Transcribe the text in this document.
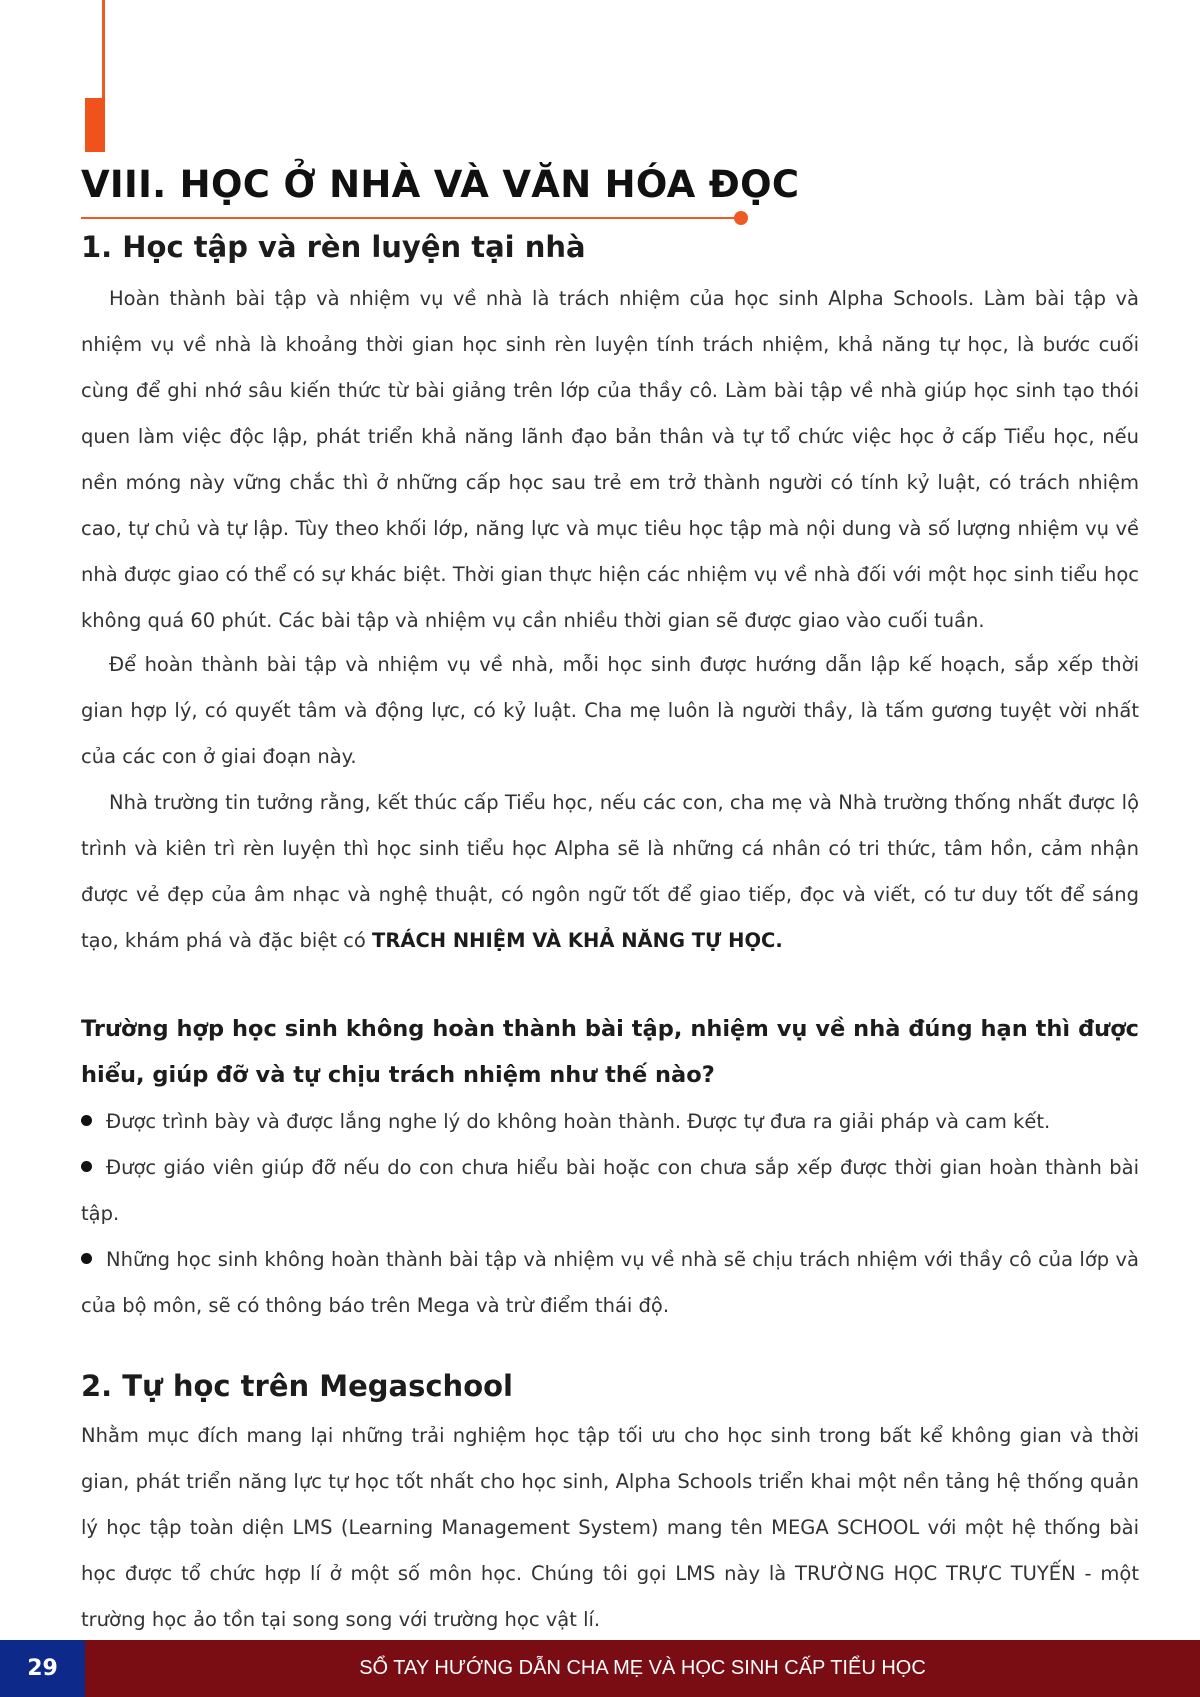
VIII. HỌC Ở NHÀ VÀ VĂN HÓA ĐỌC
1. Học tập và rèn luyện tại nhà

Hoàn thành bài tập và nhiệm vụ về nhà là trách nhiệm của học sinh Alpha Schools. Làm bài tập và nhiệm vụ về nhà là khoảng thời gian học sinh rèn luyện tính trách nhiệm, khả năng tự học, là bước cuối cùng để ghi nhớ sâu kiến thức từ bài giảng trên lớp của thầy cô. Làm bài tập về nhà giúp học sinh tạo thói quen làm việc độc lập, phát triển khả năng lãnh đạo bản thân và tự tổ chức việc học ở cấp Tiểu học, nếu nền móng này vững chắc thì ở những cấp học sau trẻ em trở thành người có tính kỷ luật, có trách nhiệm cao, tự chủ và tự lập. Tùy theo khối lớp, năng lực và mục tiêu học tập mà nội dung và số lượng nhiệm vụ về nhà được giao có thể có sự khác biệt. Thời gian thực hiện các nhiệm vụ về nhà đối với một học sinh tiểu học không quá 60 phút. Các bài tập và nhiệm vụ cần nhiều thời gian sẽ được giao vào cuối tuần.

Để hoàn thành bài tập và nhiệm vụ về nhà, mỗi học sinh được hướng dẫn lập kế hoạch, sắp xếp thời gian hợp lý, có quyết tâm và động lực, có kỷ luật. Cha mẹ luôn là người thầy, là tấm gương tuyệt vời nhất của các con ở giai đoạn này.

Nhà trường tin tưởng rằng, kết thúc cấp Tiểu học, nếu các con, cha mẹ và Nhà trường thống nhất được lộ trình và kiên trì rèn luyện thì học sinh tiểu học Alpha sẽ là những cá nhân có tri thức, tâm hồn, cảm nhận được vẻ đẹp của âm nhạc và nghệ thuật, có ngôn ngữ tốt để giao tiếp, đọc và viết, có tư duy tốt để sáng tạo, khám phá và đặc biệt có TRÁCH NHIỆM VÀ KHẢ NĂNG TỰ HỌC.

Trường hợp học sinh không hoàn thành bài tập, nhiệm vụ về nhà đúng hạn thì được hiểu, giúp đỡ và tự chịu trách nhiệm như thế nào?

Được trình bày và được lắng nghe lý do không hoàn thành. Được tự đưa ra giải pháp và cam kết.

Được giáo viên giúp đỡ nếu do con chưa hiểu bài hoặc con chưa sắp xếp được thời gian hoàn thành bài tập.

Những học sinh không hoàn thành bài tập và nhiệm vụ về nhà sẽ chịu trách nhiệm với thầy cô của lớp và của bộ môn, sẽ có thông báo trên Mega và trừ điểm thái độ.

2. Tự học trên Megaschool

Nhằm mục đích mang lại những trải nghiệm học tập tối ưu cho học sinh trong bất kể không gian và thời gian, phát triển năng lực tự học tốt nhất cho học sinh, Alpha Schools triển khai một nền tảng hệ thống quản lý học tập toàn diện LMS (Learning Management System) mang tên MEGA SCHOOL với một hệ thống bài học được tổ chức hợp lí ở một số môn học. Chúng tôi gọi LMS này là TRƯỜNG HỌC TRỰC TUYẾN - một trường học ảo tồn tại song song với trường học vật lí.

29	SỔ TAY HƯỚNG DẪN CHA MẸ VÀ HỌC SINH CẤP TIỂU HỌC
